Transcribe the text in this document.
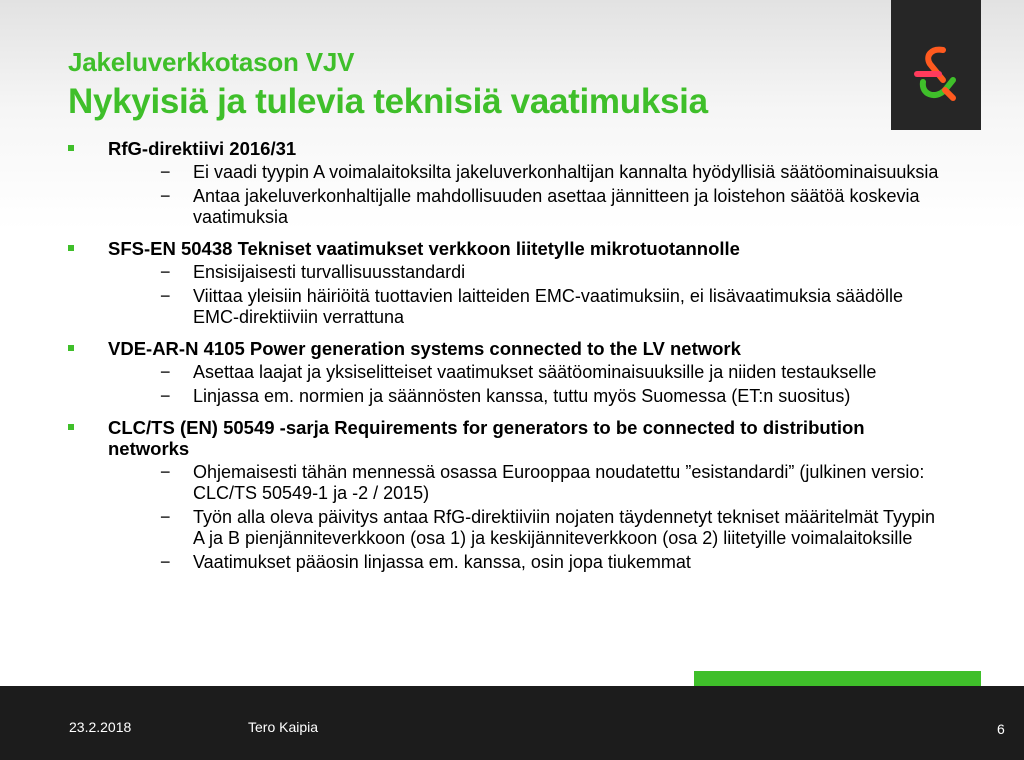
Jakeluverkkotason VJV
Nykyisiä ja tulevia teknisiä vaatimuksia
RfG-direktiivi 2016/31
− Ei vaadi tyypin A voimalaitoksilta jakeluverkonhaltijan kannalta hyödyllisiä säätöominaisuuksia
− Antaa jakeluverkonhaltijalle mahdollisuuden asettaa jännitteen ja loistehon säätöä koskevia vaatimuksia
SFS-EN 50438 Tekniset vaatimukset verkkoon liitetylle mikrotuotannolle
− Ensisijaisesti turvallisuusstandardi
− Viittaa yleisiin häiriöitä tuottavien laitteiden EMC-vaatimuksiin, ei lisävaatimuksia säädölle EMC-direktiiviin verrattuna
VDE-AR-N 4105 Power generation systems connected to the LV network
− Asettaa laajat ja yksiselitteiset vaatimukset säätöominaisuuksille ja niiden testaukselle
− Linjassa em. normien ja säännösten kanssa, tuttu myös Suomessa (ET:n suositus)
CLC/TS (EN) 50549 -sarja Requirements for generators to be connected to distribution networks
− Ohjemaisesti tähän mennessä osassa Eurooppaa noudatettu ”esistandardi” (julkinen versio: CLC/TS 50549-1 ja -2 / 2015)
− Työn alla oleva päivitys antaa RfG-direktiiviin nojaten täydennetyt tekniset määritelmät Tyypin A ja B pienjänniteverkkoon (osa 1) ja keskijänniteverkkoon (osa 2) liitetyille voimalaitoksille
− Vaatimukset pääosin linjassa em. kanssa, osin jopa tiukemmat
23.2.2018	Tero Kaipia	6
